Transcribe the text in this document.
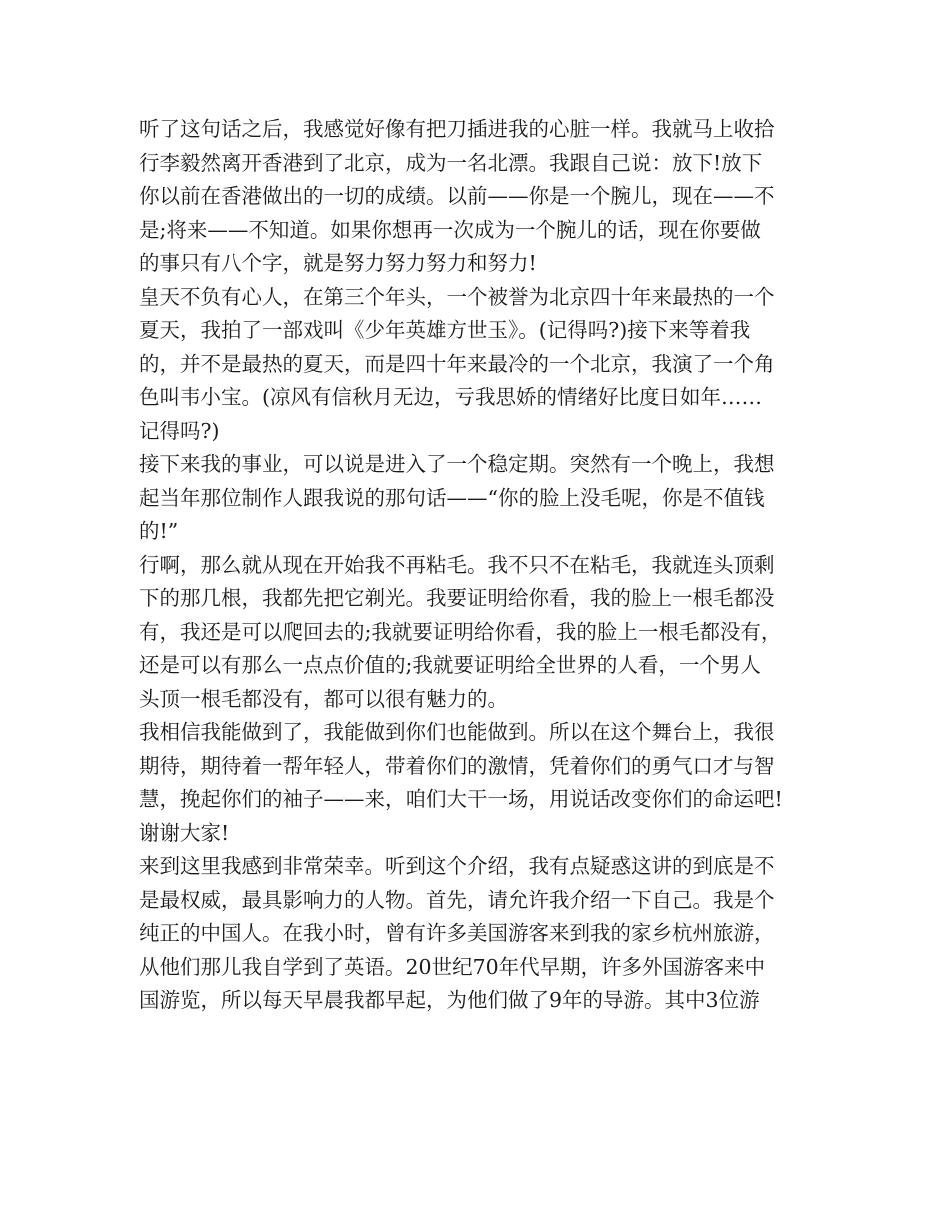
听了这句话之后，我感觉好像有把刀插进我的心脏一样。我就马上收拾
行李毅然离开香港到了北京，成为一名北漂。我跟自己说：放下!放下
你以前在香港做出的一切的成绩。以前——你是一个腕儿，现在——不
是;将来——不知道。如果你想再一次成为一个腕儿的话，现在你要做
的事只有八个字，就是努力努力努力和努力!
皇天不负有心人，在第三个年头，一个被誉为北京四十年来最热的一个
夏天，我拍了一部戏叫《少年英雄方世玉》。(记得吗?)接下来等着我
的，并不是最热的夏天，而是四十年来最冷的一个北京，我演了一个角
色叫韦小宝。(凉风有信秋月无边，亏我思娇的情绪好比度日如年……
记得吗?)
接下来我的事业，可以说是进入了一个稳定期。突然有一个晚上，我想
起当年那位制作人跟我说的那句话——“你的脸上没毛呢，你是不值钱
的!”
行啊，那么就从现在开始我不再粘毛。我不只不在粘毛，我就连头顶剩
下的那几根，我都先把它剃光。我要证明给你看，我的脸上一根毛都没
有，我还是可以爬回去的;我就要证明给你看，我的脸上一根毛都没有，
还是可以有那么一点点价值的;我就要证明给全世界的人看，一个男人
头顶一根毛都没有，都可以很有魅力的。
我相信我能做到了，我能做到你们也能做到。所以在这个舞台上，我很
期待，期待着一帮年轻人，带着你们的激情，凭着你们的勇气口才与智
慧，挽起你们的袖子——来，咱们大干一场，用说话改变你们的命运吧!
谢谢大家!
来到这里我感到非常荣幸。听到这个介绍，我有点疑惑这讲的到底是不
是最权威，最具影响力的人物。首先，请允许我介绍一下自己。我是个
纯正的中国人。在我小时，曾有许多美国游客来到我的家乡杭州旅游，
从他们那儿我自学到了英语。20世纪70年代早期，许多外国游客来中
国游览，所以每天早晨我都早起，为他们做了9年的导游。其中3位游
